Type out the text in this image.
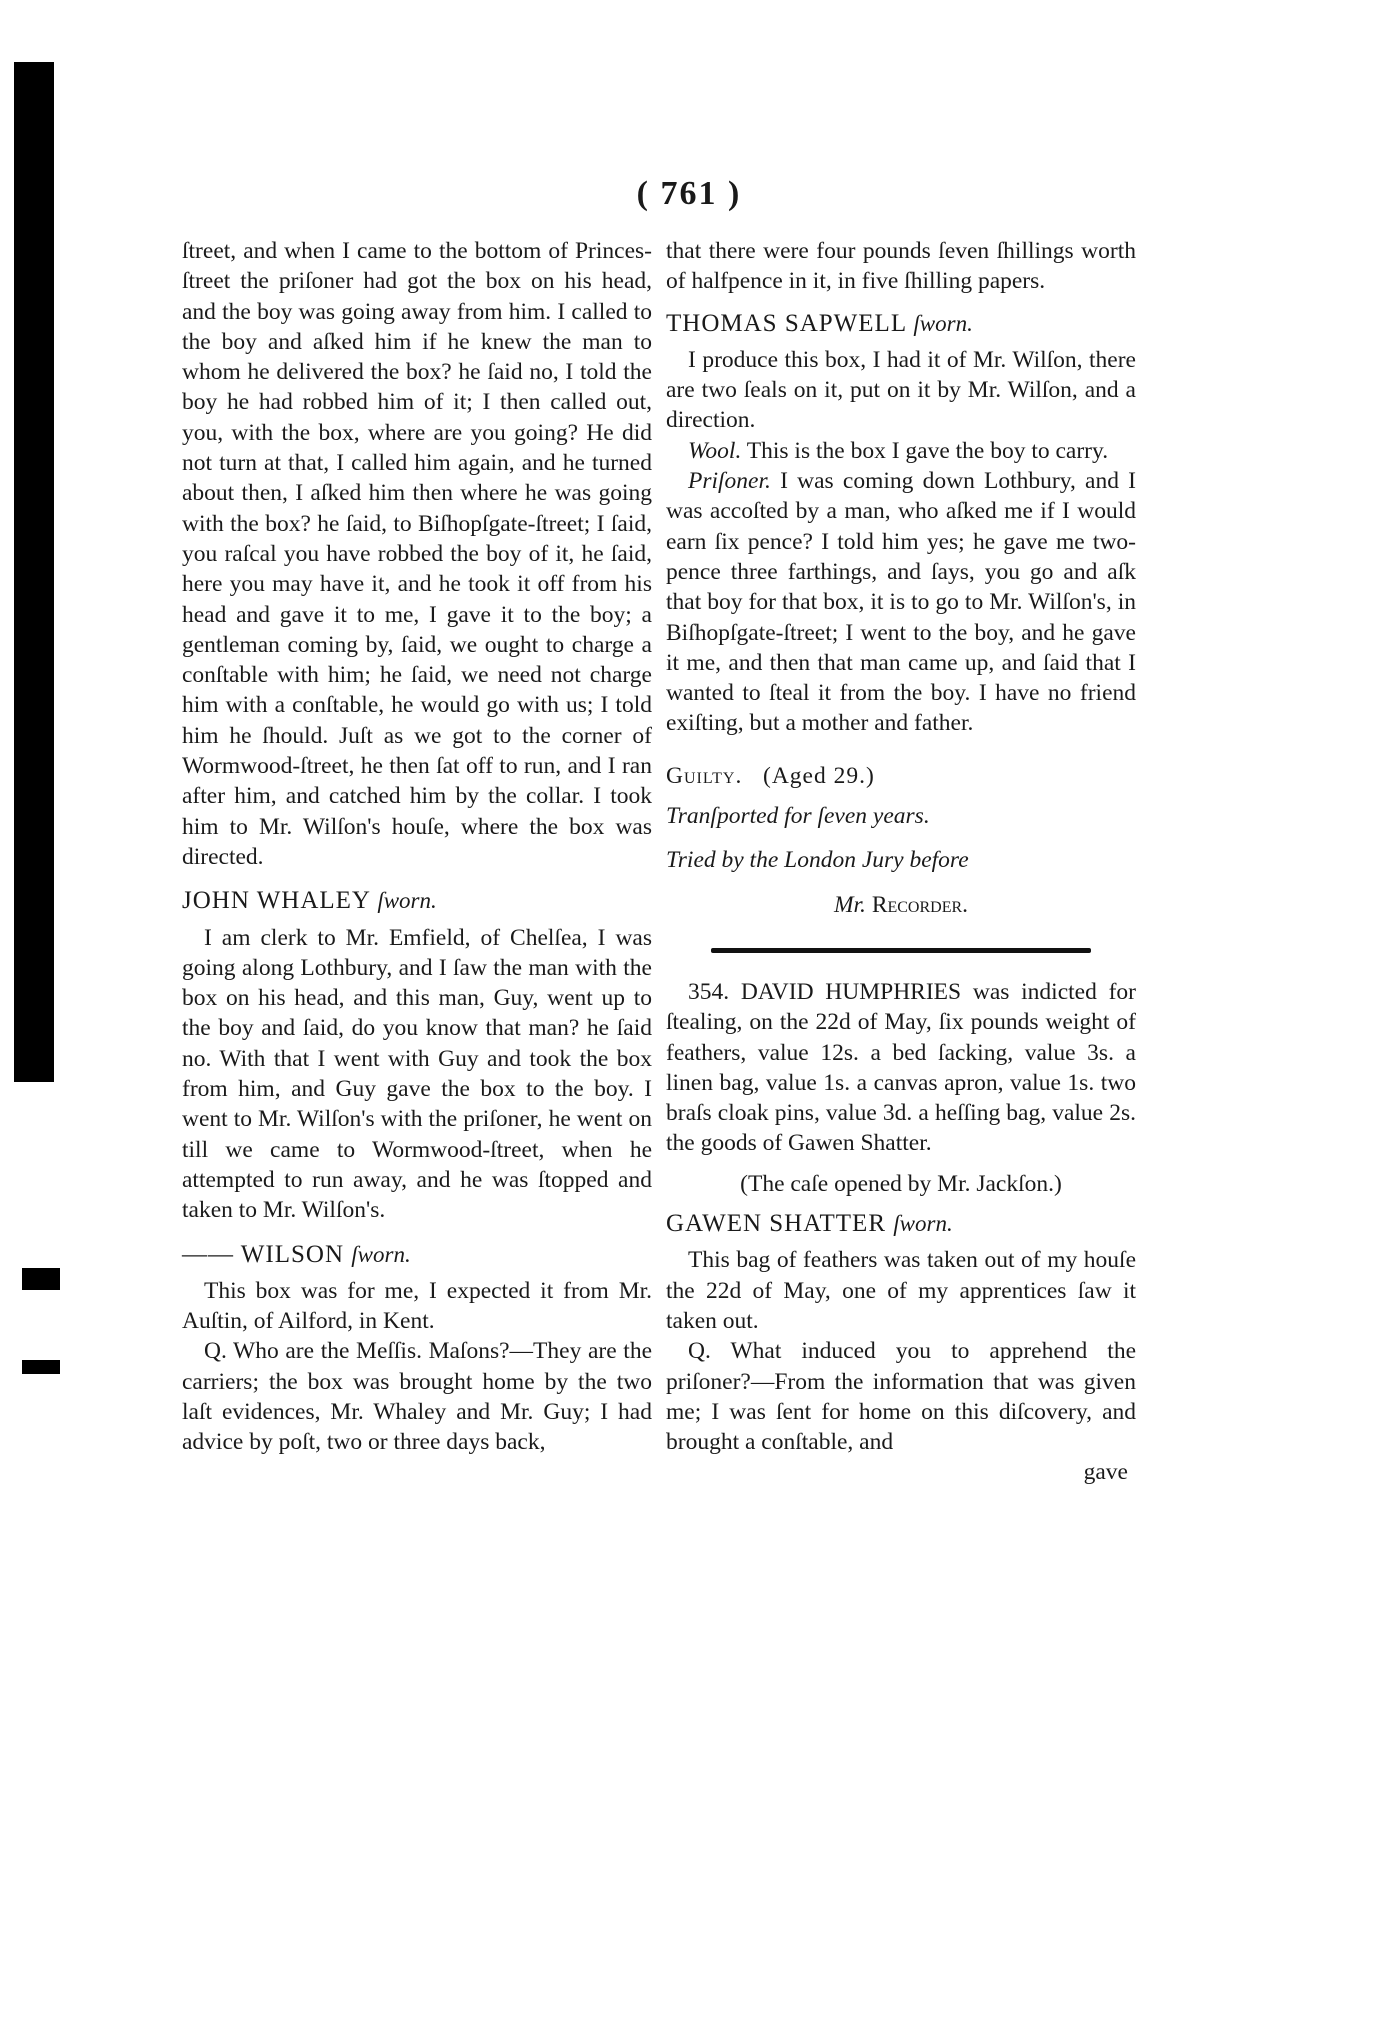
( 761 )

ſtreet, and when I came to the bottom of Princes-ſtreet the priſoner had got the box on his head, and the boy was going away from him. I called to the boy and aſked him if he knew the man to whom he delivered the box? he ſaid no, I told the boy he had robbed him of it; I then called out, you, with the box, where are you going? He did not turn at that, I called him again, and he turned about then, I aſked him then where he was going with the box? he ſaid, to Biſhopſgate-ſtreet; I ſaid, you raſcal you have robbed the boy of it, he ſaid, here you may have it, and he took it off from his head and gave it to me, I gave it to the boy; a gentleman coming by, ſaid, we ought to charge a conſtable with him; he ſaid, we need not charge him with a conſtable, he would go with us; I told him he ſhould. Juſt as we got to the corner of Wormwood-ſtreet, he then ſat off to run, and I ran after him, and catched him by the collar. I took him to Mr. Wilſon's houſe, where the box was directed.

JOHN WHALEY ſworn.

I am clerk to Mr. Emfield, of Chelſea, I was going along Lothbury, and I ſaw the man with the box on his head, and this man, Guy, went up to the boy and ſaid, do you know that man? he ſaid no. With that I went with Guy and took the box from him, and Guy gave the box to the boy. I went to Mr. Wilſon's with the priſoner, he went on till we came to Wormwood-ſtreet, when he attempted to run away, and he was ſtopped and taken to Mr. Wilſon's.

—— WILSON ſworn.

This box was for me, I expected it from Mr. Auſtin, of Ailford, in Kent.

Q. Who are the Meſſis. Maſons?—They are the carriers; the box was brought home by the two laſt evidences, Mr. Whaley and Mr. Guy; I had advice by poſt, two or three days back,

that there were four pounds ſeven ſhillings worth of halfpence in it, in five ſhilling papers.

THOMAS SAPWELL ſworn.

I produce this box, I had it of Mr. Wilſon, there are two ſeals on it, put on it by Mr. Wilſon, and a direction.

Wool. This is the box I gave the boy to carry.

Priſoner. I was coming down Lothbury, and I was accoſted by a man, who aſked me if I would earn ſix pence? I told him yes; he gave me two-pence three farthings, and ſays, you go and aſk that boy for that box, it is to go to Mr. Wilſon's, in Biſhopſgate-ſtreet; I went to the boy, and he gave it me, and then that man came up, and ſaid that I wanted to ſteal it from the boy. I have no friend exiſting, but a mother and father.

Guilty. (Aged 29.)

Tranſported for ſeven years.

Tried by the London Jury before

Mr. Recorder.

354. DAVID HUMPHRIES was indicted for ſtealing, on the 22d of May, ſix pounds weight of feathers, value 12s. a bed ſacking, value 3s. a linen bag, value 1s. a canvas apron, value 1s. two braſs cloak pins, value 3d. a heſſing bag, value 2s. the goods of Gawen Shatter.

(The caſe opened by Mr. Jackſon.)

GAWEN SHATTER ſworn.

This bag of feathers was taken out of my houſe the 22d of May, one of my apprentices ſaw it taken out.

Q. What induced you to apprehend the priſoner?—From the information that was given me; I was ſent for home on this diſcovery, and brought a conſtable, and

gave
